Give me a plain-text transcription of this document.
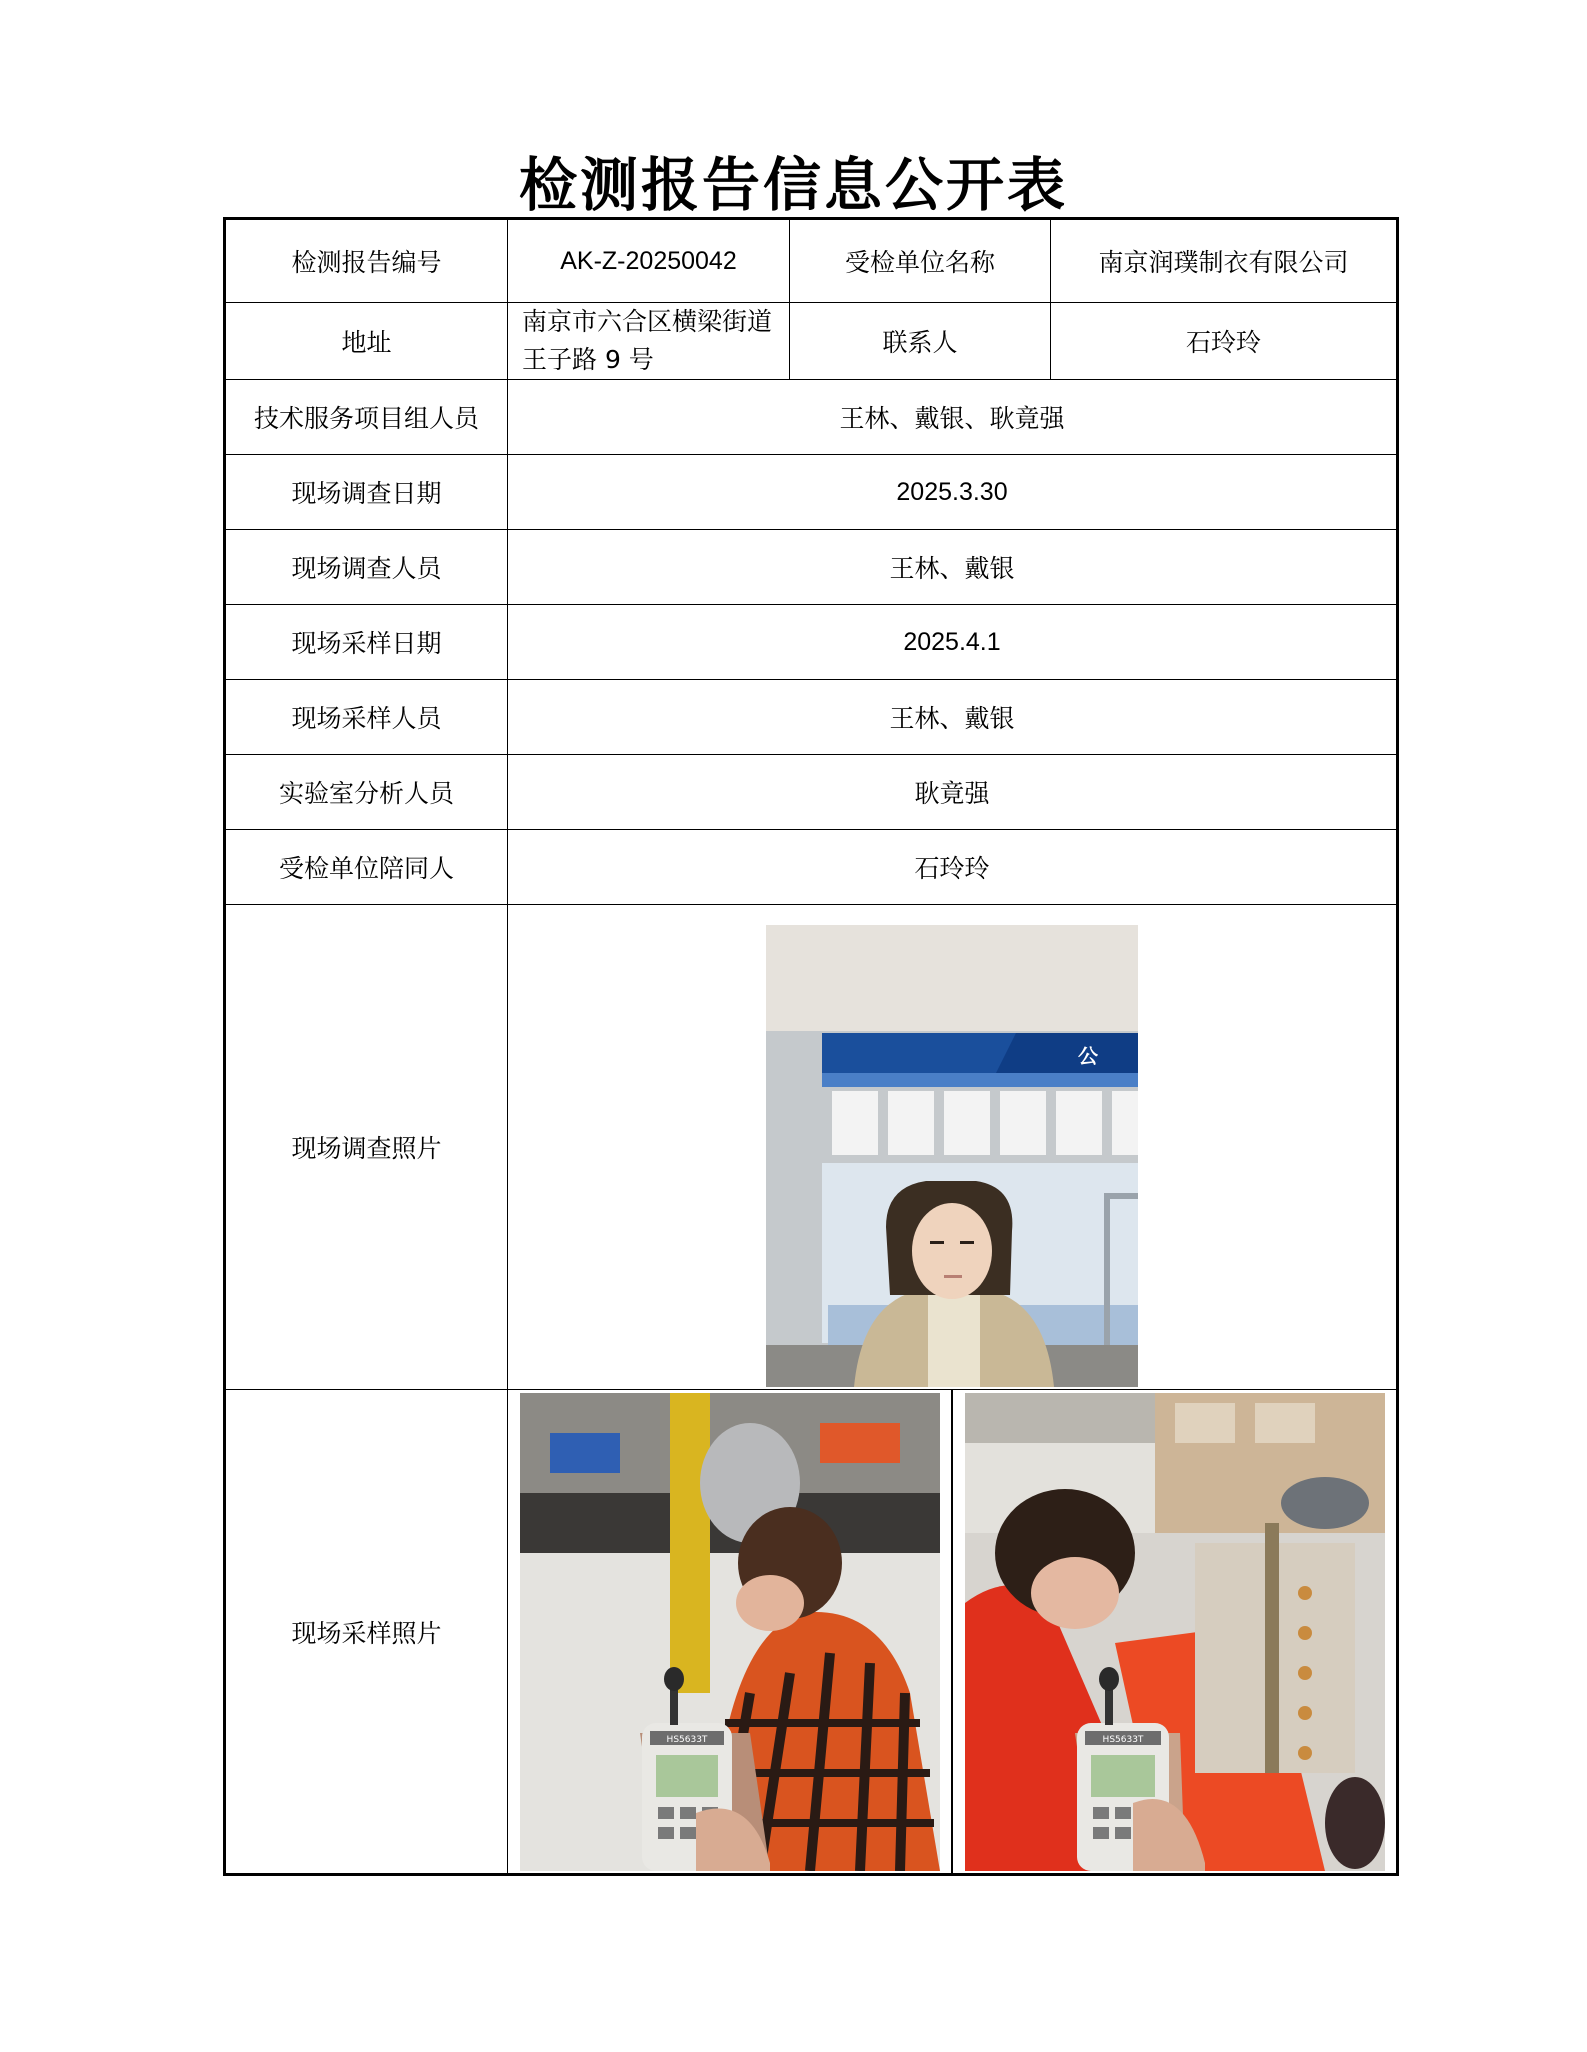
检测报告信息公开表
检测报告编号	AK-Z-20250042	受检单位名称	南京润璞制衣有限公司
地址	南京市六合区横梁街道王子路 9 号	联系人	石玲玲
技术服务项目组人员	王林、戴银、耿竟强		
现场调查日期	2025.3.30		
现场调查人员	王林、戴银		
现场采样日期	2025.4.1		
现场采样人员	王林、戴银		
实验室分析人员	耿竟强		
受检单位陪同人	石玲玲		
现场调查照片	公		

现场采样照片	HS5633T HS5633T		
